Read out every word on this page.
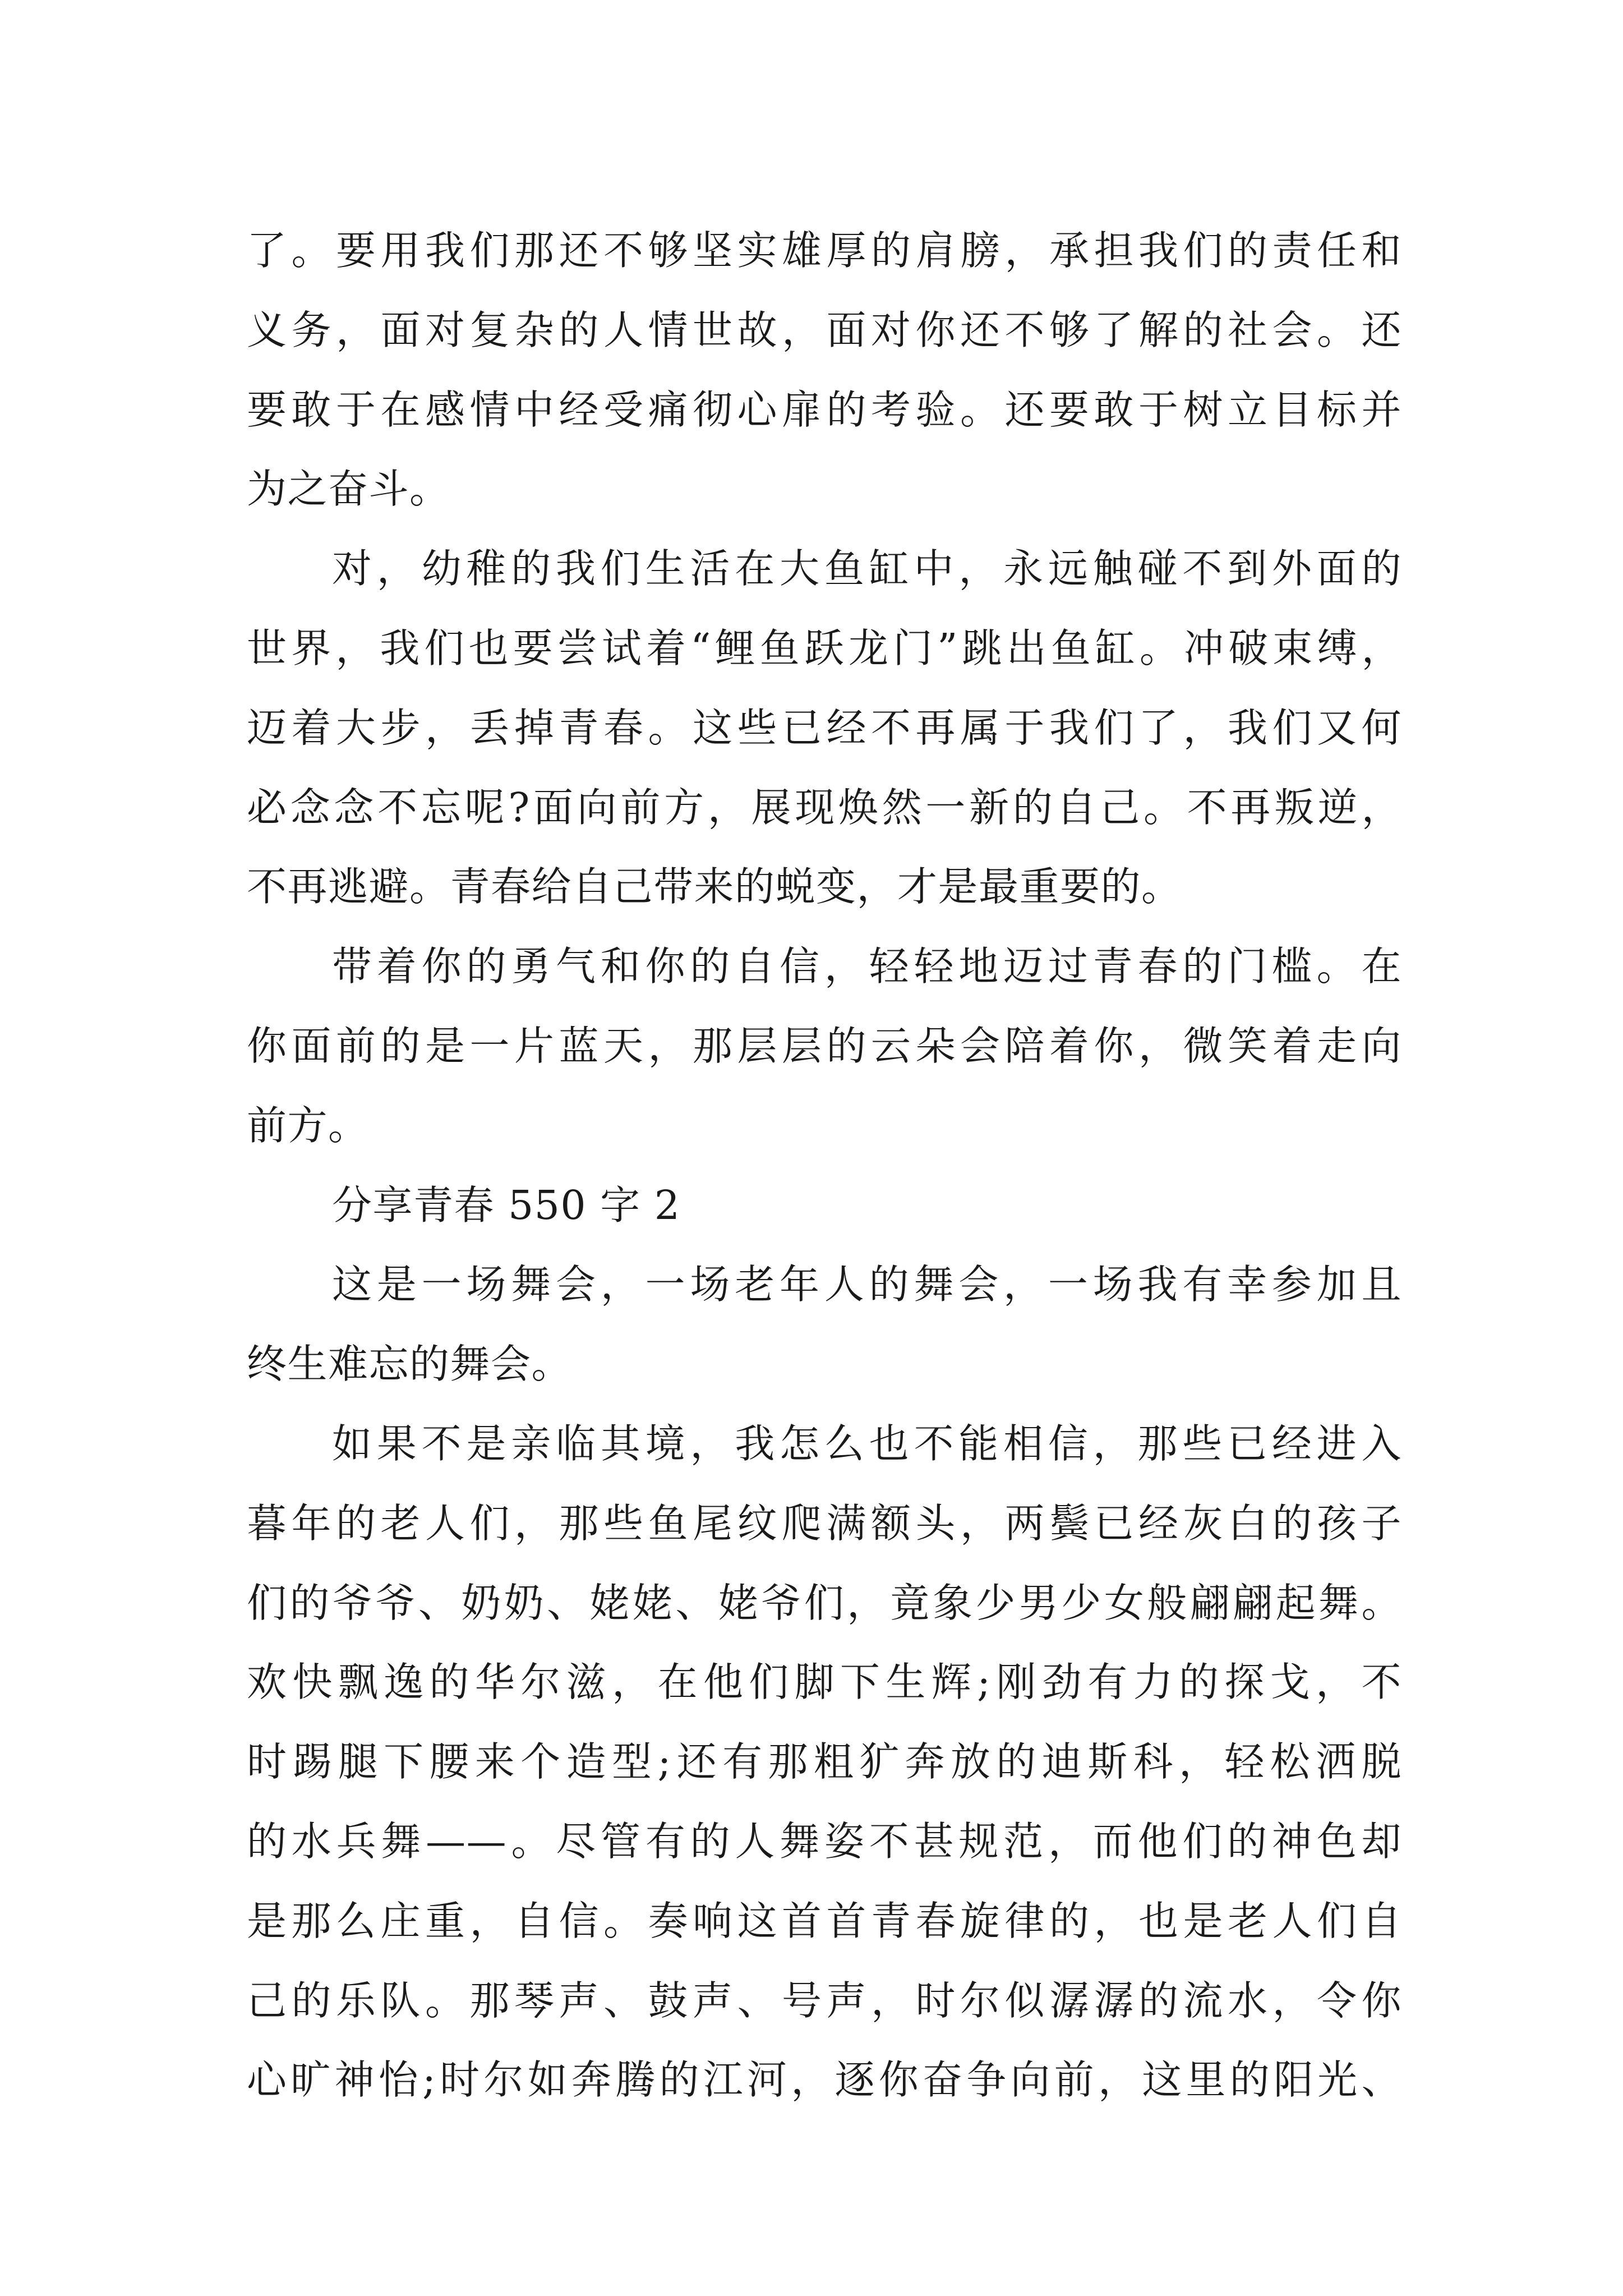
了。要用我们那还不够坚实雄厚的肩膀，承担我们的责任和
义务，面对复杂的人情世故，面对你还不够了解的社会。还
要敢于在感情中经受痛彻心扉的考验。还要敢于树立目标并
为之奋斗。
对，幼稚的我们生活在大鱼缸中，永远触碰不到外面的
世界，我们也要尝试着“鲤鱼跃龙门”跳出鱼缸。冲破束缚，
迈着大步，丢掉青春。这些已经不再属于我们了，我们又何
必念念不忘呢?面向前方，展现焕然一新的自己。不再叛逆，
不再逃避。青春给自己带来的蜕变，才是最重要的。
带着你的勇气和你的自信，轻轻地迈过青春的门槛。在
你面前的是一片蓝天，那层层的云朵会陪着你，微笑着走向
前方。
分享青春 550 字 2
这是一场舞会，一场老年人的舞会，一场我有幸参加且
终生难忘的舞会。
如果不是亲临其境，我怎么也不能相信，那些已经进入
暮年的老人们，那些鱼尾纹爬满额头，两鬓已经灰白的孩子
们的爷爷、奶奶、姥姥、姥爷们，竟象少男少女般翩翩起舞。
欢快飘逸的华尔滋，在他们脚下生辉;刚劲有力的探戈，不
时踢腿下腰来个造型;还有那粗犷奔放的迪斯科，轻松洒脱
的水兵舞——。尽管有的人舞姿不甚规范，而他们的神色却
是那么庄重，自信。奏响这首首青春旋律的，也是老人们自
己的乐队。那琴声、鼓声、号声，时尔似潺潺的流水，令你
心旷神怡;时尔如奔腾的江河，逐你奋争向前，这里的阳光、
